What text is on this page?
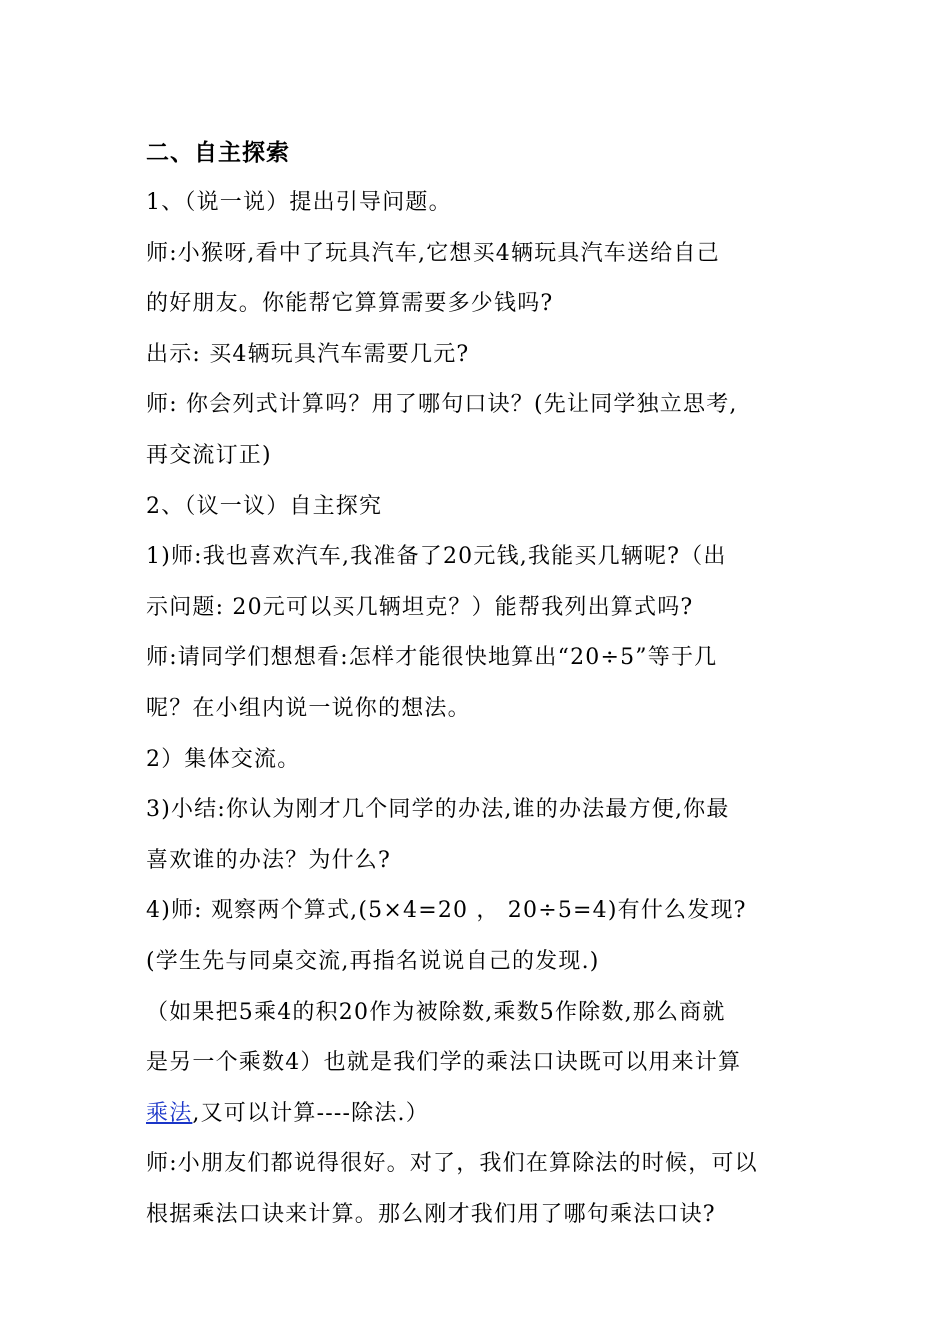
二、自主探索
1、（说一说）提出引导问题。
师:小猴呀,看中了玩具汽车,它想买4辆玩具汽车送给自己
的好朋友。你能帮它算算需要多少钱吗?
出示: 买4辆玩具汽车需要几元?
师: 你会列式计算吗？用了哪句口诀？(先让同学独立思考,
再交流订正)
2、（议一议）自主探究
1)师:我也喜欢汽车,我准备了20元钱,我能买几辆呢?（出
示问题: 20元可以买几辆坦克？）能帮我列出算式吗?
师:请同学们想想看:怎样才能很快地算出“20÷5”等于几
呢？在小组内说一说你的想法。
2）集体交流。
3)小结:你认为刚才几个同学的办法,谁的办法最方便,你最
喜欢谁的办法？为什么?
4)师: 观察两个算式,(5×4=20 ， 20÷5=4)有什么发现?
(学生先与同桌交流,再指名说说自己的发现.)
（如果把5乘4的积20作为被除数,乘数5作除数,那么商就
是另一个乘数4）也就是我们学的乘法口诀既可以用来计算
乘法,又可以计算----除法.）
师:小朋友们都说得很好。对了，我们在算除法的时候，可以
根据乘法口诀来计算。那么刚才我们用了哪句乘法口诀?
